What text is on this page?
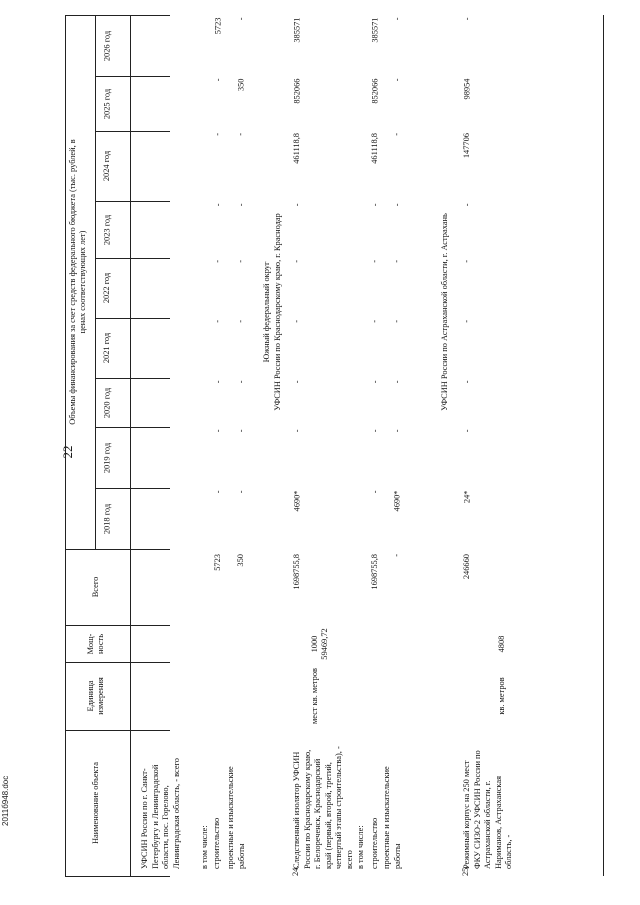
22
2011б948.doc
Объемы финансирования за счет средств федерального бюджета (тыс. рублей, в ценах соответствующих лет)
2026 год
2025 год
2024 год
2023 год
2022 год
2021 год
2020 год
2019 год
2018 год
Всего
Мощ-ность
Единица измерения
Наименование объекта	УФСИН России по г. Санкт-Петербургу и Ленинградской области, пос. Горелово, Ленинградская область, - всего	в том числе: строительство
5723
-
-
-
-
-
-
-
-
5723
проектные и изыскательские работы
350
-
-
-
-
-
-
-
350
-
Южный федеральный округ УФСИН России по Краснодарскому краю, г. Краснодар
Следственный изолятор УФСИН России по Краснодарскому краю, г. Белореченск, Краснодарский край (первый, второй, третий, четвертый этапы строительства), - всего
24.
мест кв. метров
1000 59469,72
1698755,8
4690*
-
-
-
-
-
461118,8
852066
385571
в том числе: строительство
1698755,8
-
-
-
-
-
-
461118,8
852066
385571
проектные и изыскательские работы
-
4690*
-
-
-
-
-
-
-
-
УФСИН России по Астраханской области, г. Астрахань
Режимный корпус на 250 мест ФКУ СИЗО-2 УФСИН России по Астраханской области, г. Нариманов, Астраханская область, -
25.
кв. метров
4808
246660
24*
-
-
-
-
-
147706
98954
-
